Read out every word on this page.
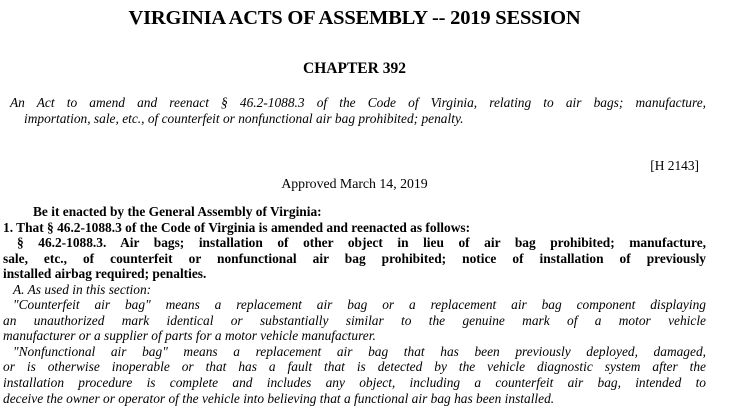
VIRGINIA ACTS OF ASSEMBLY -- 2019 SESSION
CHAPTER 392
An Act to amend and reenact § 46.2-1088.3 of the Code of Virginia, relating to air bags; manufacture,
importation, sale, etc., of counterfeit or nonfunctional air bag prohibited; penalty.
[H 2143]
Approved March 14, 2019
Be it enacted by the General Assembly of Virginia:
1. That § 46.2-1088.3 of the Code of Virginia is amended and reenacted as follows:
§ 46.2-1088.3. Air bags; installation of other object in lieu of air bag prohibited; manufacture,
sale, etc., of counterfeit or nonfunctional air bag prohibited; notice of installation of previously
installed airbag required; penalties.
A. As used in this section:
"Counterfeit air bag" means a replacement air bag or a replacement air bag component displaying
an unauthorized mark identical or substantially similar to the genuine mark of a motor vehicle
manufacturer or a supplier of parts for a motor vehicle manufacturer.
"Nonfunctional air bag" means a replacement air bag that has been previously deployed, damaged,
or is otherwise inoperable or that has a fault that is detected by the vehicle diagnostic system after the
installation procedure is complete and includes any object, including a counterfeit air bag, intended to
deceive the owner or operator of the vehicle into believing that a functional air bag has been installed.
